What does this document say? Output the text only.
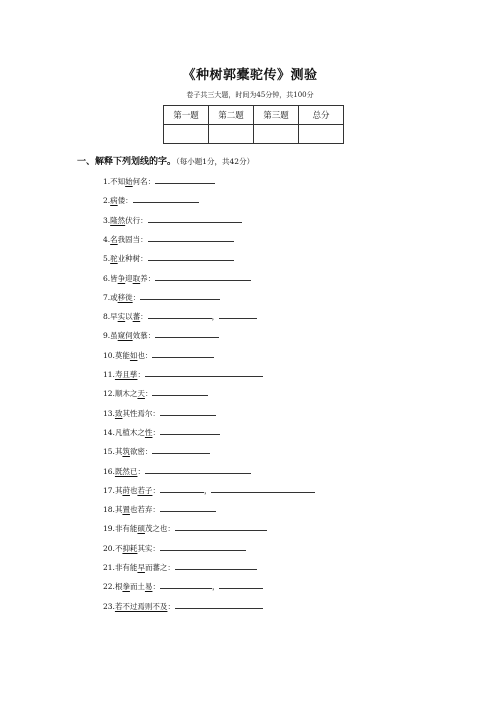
《种树郭橐驼传》测验
卷子共三大题，时间为45分钟，共100分
第一题	第二题	第三题	总分

一、解释下列划线的字。（每小题1分，共42分）
1.不知始何名：
2.病偻：
3.隆然伏行：
4.名我固当：
5.驼业种树：
6.皆争迎取养：
7.或移徙：
8.早实以蕃：	，
9.虽窥伺效慕：
10.莫能如也：
11.寿且孳：
12.顺木之天：
13.致其性焉尔：
14.凡植木之性：
15.其筑欲密：
16.既然已：
17.其莳也若子：	，
18.其置也若弃：
19.非有能硕茂之也：
20.不抑耗其实：
21.非有能早而蕃之：
22.根拳而土易：	，
23.若不过焉则不及：
